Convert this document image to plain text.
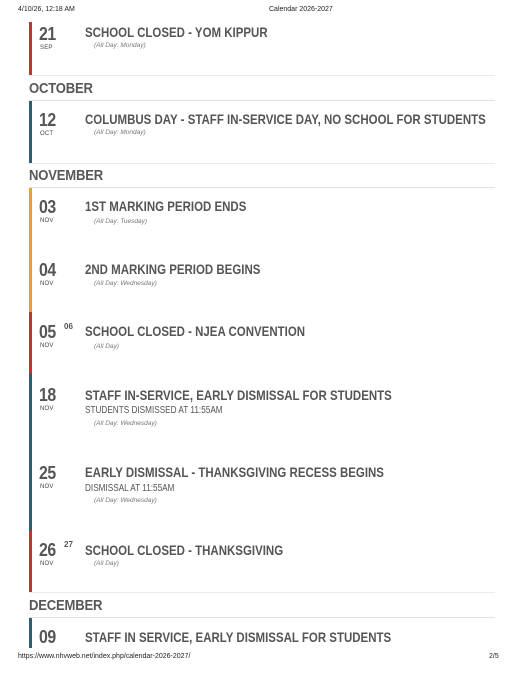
4/10/26, 12:18 AM	Calendar 2026-2027
https://www.nhvweb.net/index.php/calendar-2026-2027/	2/5
21
SEP
SCHOOL CLOSED - YOM KIPPUR
(All Day: Monday)
OCTOBER
12
OCT
COLUMBUS DAY - STAFF IN-SERVICE DAY, NO SCHOOL FOR STUDENTS
(All Day: Monday)
NOVEMBER
03
NOV
1ST MARKING PERIOD ENDS
(All Day: Tuesday)
04
NOV
2ND MARKING PERIOD BEGINS
(All Day: Wednesday)
05 06
NOV
SCHOOL CLOSED - NJEA CONVENTION
(All Day)
18
NOV
STAFF IN-SERVICE, EARLY DISMISSAL FOR STUDENTS
STUDENTS DISMISSED AT 11:55AM
(All Day: Wednesday)
25
NOV
EARLY DISMISSAL - THANKSGIVING RECESS BEGINS
DISMISSAL AT 11:55AM
(All Day: Wednesday)
26 27
NOV
SCHOOL CLOSED - THANKSGIVING
(All Day)
DECEMBER
09 STAFF IN SERVICE, EARLY DISMISSAL FOR STUDENTS
